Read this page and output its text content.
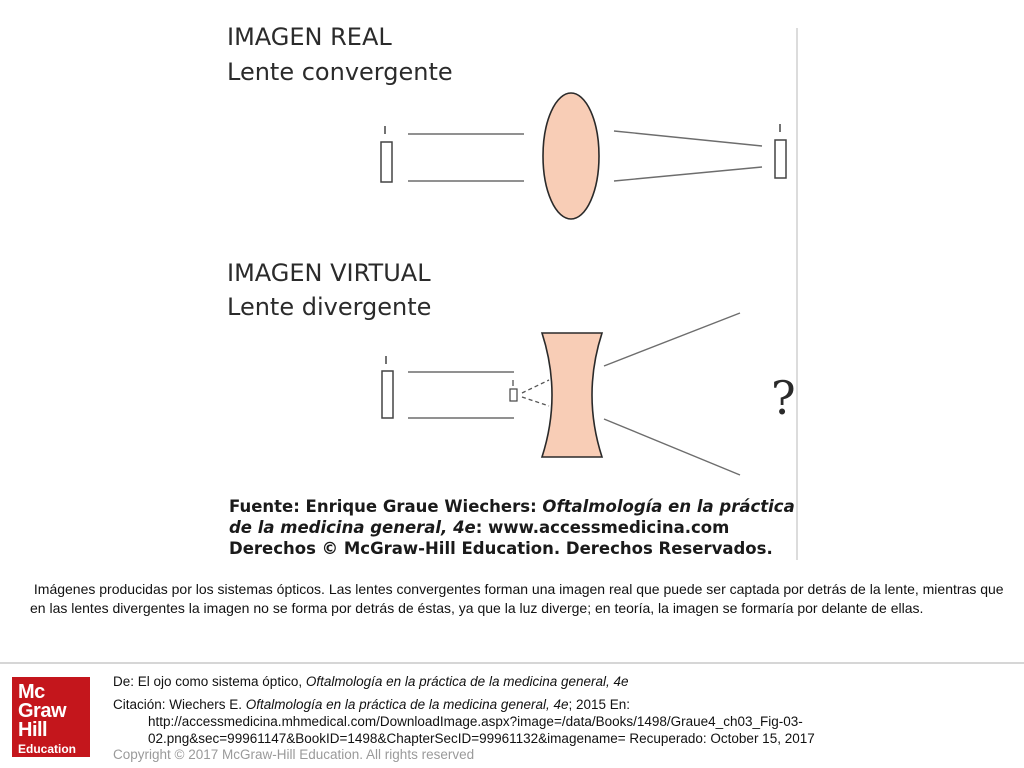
IMAGEN REAL
Lente convergente
IMAGEN VIRTUAL
Lente divergente
?
Fuente: Enrique Graue Wiechers: Oftalmología en la práctica
de la medicina general, 4e: www.accessmedicina.com
Derechos © McGraw-Hill Education. Derechos Reservados.
Imágenes producidas por los sistemas ópticos. Las lentes convergentes forman una imagen real que puede ser captada por detrás de la lente, mientras que en las lentes divergentes la imagen no se forma por detrás de éstas, ya que la luz diverge; en teoría, la imagen se formaría por delante de ellas.
Mc
Graw
Hill
Education
De: El ojo como sistema óptico, Oftalmología en la práctica de la medicina general, 4e
Citación: Wiechers E. Oftalmología en la práctica de la medicina general, 4e; 2015 En:
http://accessmedicina.mhmedical.com/DownloadImage.aspx?image=/data/Books/1498/Graue4_ch03_Fig-03-
02.png&sec=99961147&BookID=1498&ChapterSecID=99961132&imagename= Recuperado: October 15, 2017
Copyright © 2017 McGraw-Hill Education. All rights reserved
